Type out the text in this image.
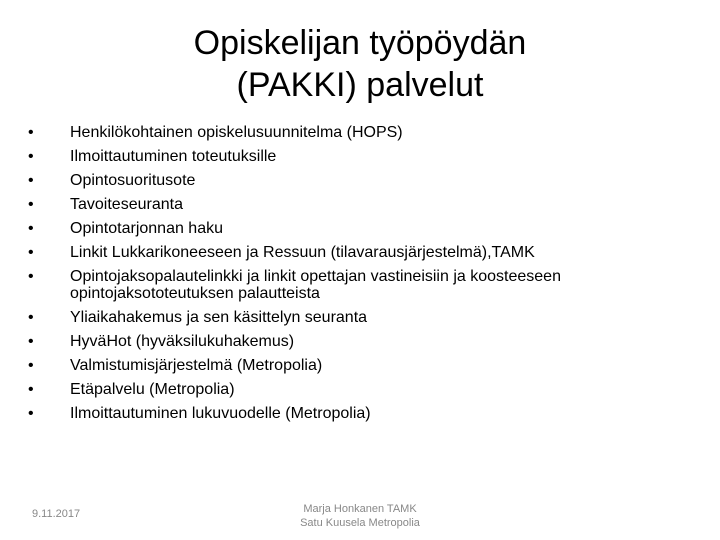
Opiskelijan työpöydän
(PAKKI) palvelut
• Henkilökohtainen opiskelusuunnitelma (HOPS)
• Ilmoittautuminen toteutuksille
• Opintosuoritusote
• Tavoiteseuranta
• Opintotarjonnan haku
• Linkit Lukkarikoneeseen ja Ressuun (tilavarausjärjestelmä),TAMK
• Opintojaksopalautelinkki ja linkit opettajan vastineisiin ja koosteeseen opintojaksototeutuksen palautteista
• Yliaikahakemus ja sen käsittelyn seuranta
• HyväHot (hyväksilukuhakemus)
• Valmistumisjärjestelmä (Metropolia)
• Etäpalvelu (Metropolia)
• Ilmoittautuminen lukuvuodelle (Metropolia)
9.11.2017	Marja Honkanen TAMK
Satu Kuusela Metropolia
